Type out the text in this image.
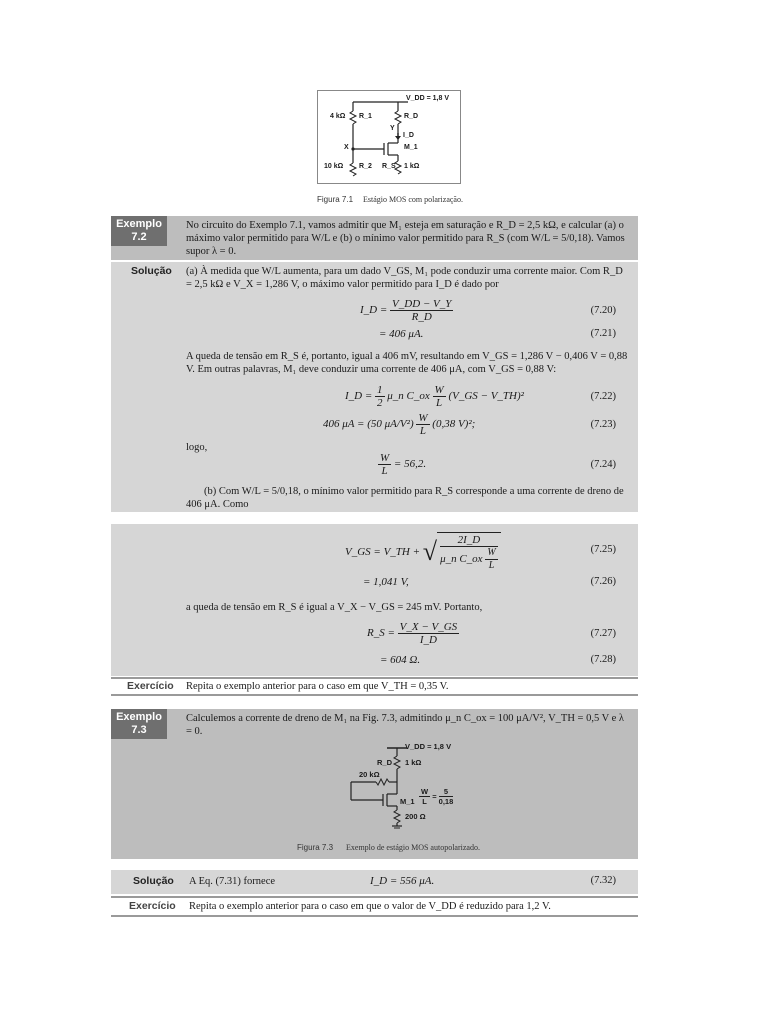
V_DD = 1,8 V
4 kΩ R_1	R_D
Y
I_D
X	M_1
10 kΩ R_2 R_S 1 kΩ
Figura 7.1 Estágio MOS com polarização.
Exemplo
7.2
No circuito do Exemplo 7.1, vamos admitir que M₁ esteja em saturação e R_D = 2,5 kΩ, e calcular (a) o máximo valor permitido para W/L e (b) o mínimo valor permitido para R_S (com W/L = 5/0,18). Vamos supor λ = 0.
Solução (a) À medida que W/L aumenta, para um dado V_GS, M₁ pode conduzir uma corrente maior. Com R_D = 2,5 kΩ e V_X = 1,286 V, o máximo valor permitido para I_D é dado por
I_D = $\frac{V\_DD - V\_Y}{R\_D}$	(7.20)
= 406 μA.	(7.21)
A queda de tensão em R_S é, portanto, igual a 406 mV, resultando em V_GS = 1,286 V − 0,406 V = 0,88 V. Em outras palavras, M₁ deve conduzir uma corrente de 406 μA, com V_GS = 0,88 V:
I_D = $\frac{1}{2}$ μ_n C_ox $\frac{W}{L}$ (V_GS − V_TH)²	(7.22)
406 μA = (50 $\mu A/V^2) \frac{W}{L} (0,38$ V)²;	(7.23)
logo,
$\frac{W}{L} = 56,2$.	(7.24)
(b) Com W/L = 5/0,18, o mínimo valor permitido para R_S corresponde a uma corrente de dreno de 406 μA. Como
V_GS = V_TH + √ $\frac{2I\_D}{\mu\_n C\_ox \frac{W}{L}}$	(7.25)
= 1,041 V,	(7.26)
a queda de tensão em R_S é igual a V_X − V_GS = 245 mV. Portanto,
R_S = $\frac{V\_X - V\_GS}{I\_D}$	(7.27)
= 604 Ω.	(7.28)
Exercício Repita o exemplo anterior para o caso em que V_TH = 0,35 V.
Exemplo
7.3
Calculemos a corrente de dreno de M₁ na Fig. 7.3, admitindo μ_n C_ox = 100 μA/V², V_TH = 0,5 V e λ = 0.
V_DD = 1,8 V
R_D 1 kΩ
20 kΩ
M_1 $\frac{W}{L} = \frac{5}{0,18}$
200 Ω
Figura 7.3 Exemplo de estágio MOS autopolarizado.
Solução A Eq. (7.31) fornece	I_D = 556 μA.	(7.32)
Exercício Repita o exemplo anterior para o caso em que o valor de V_DD é reduzido para 1,2 V.
